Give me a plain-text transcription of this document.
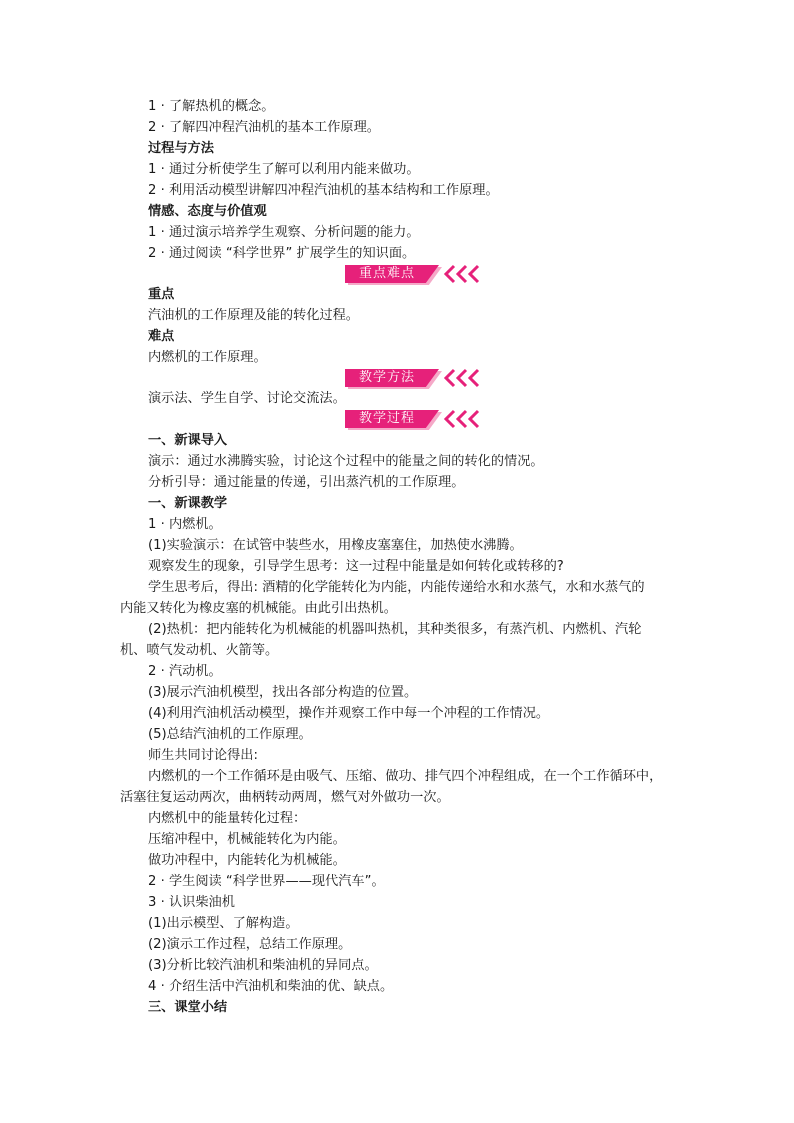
1 · 了解热机的概念。
2 · 了解四冲程汽油机的基本工作原理。
过程与方法
1 · 通过分析使学生了解可以利用内能来做功。
2 · 利用活动模型讲解四冲程汽油机的基本结构和工作原理。
情感、态度与价值观
1 · 通过演示培养学生观察、分析问题的能力。
2 · 通过阅读 “科学世界” 扩展学生的知识面。
重点难点
重点
汽油机的工作原理及能的转化过程。
难点
内燃机的工作原理。
教学方法
演示法、学生自学、讨论交流法。
教学过程
一、新课导入
演示：通过水沸腾实验，讨论这个过程中的能量之间的转化的情况。
分析引导：通过能量的传递，引出蒸汽机的工作原理。
一、新课教学
1 · 内燃机。
(1)实验演示：在试管中装些水，用橡皮塞塞住，加热使水沸腾。
观察发生的现象，引导学生思考：这一过程中能量是如何转化或转移的?
学生思考后，得出: 酒精的化学能转化为内能，内能传递给水和水蒸气，水和水蒸气的
内能又转化为橡皮塞的机械能。由此引出热机。
(2)热机：把内能转化为机械能的机器叫热机，其种类很多，有蒸汽机、内燃机、汽轮
机、喷气发动机、火箭等。
2 · 汽动机。
(3)展示汽油机模型，找出各部分构造的位置。
(4)利用汽油机活动模型，操作并观察工作中每一个冲程的工作情况。
(5)总结汽油机的工作原理。
师生共同讨论得出:
内燃机的一个工作循环是由吸气、压缩、做功、排气四个冲程组成，在一个工作循环中，
活塞往复运动两次，曲柄转动两周，燃气对外做功一次。
内燃机中的能量转化过程：
压缩冲程中，机械能转化为内能。
做功冲程中，内能转化为机械能。
2 · 学生阅读 “科学世界——现代汽车”。
3 · 认识柴油机
(1)出示模型、了解构造。
(2)演示工作过程，总结工作原理。
(3)分析比较汽油机和柴油机的异同点。
4 · 介绍生活中汽油机和柴油的优、缺点。
三、课堂小结
